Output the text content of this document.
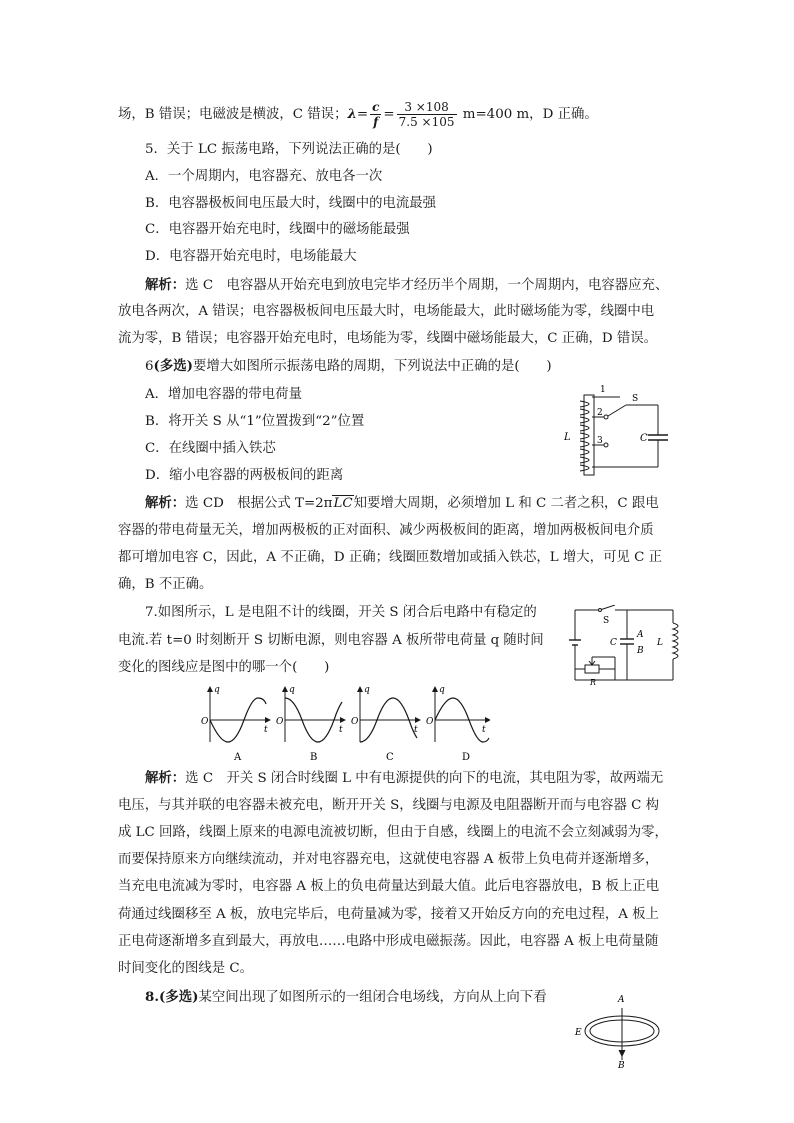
场，B 错误；电磁波是横波，C 错误；$\lambda= \frac{c}{f} = \frac{3 \times 108}{7.5 \times 105} m=400$ m，D 正确。
5．关于 LC 振荡电路，下列说法正确的是(　　)
A．一个周期内，电容器充、放电各一次
B．电容器极板间电压最大时，线圈中的电流最强
C．电容器开始充电时，线圈中的磁场能最强
D．电容器开始充电时，电场能最大
解析：选 C　电容器从开始充电到放电完毕才经历半个周期，一个周期内，电容器应充、
放电各两次，A 错误；电容器极板间电压最大时，电场能最大，此时磁场能为零，线圈中电
流为零，B 错误；电容器开始充电时，电场能为零，线圈中磁场能最大，C 正确，D 错误。
6(多选)要增大如图所示振荡电路的周期，下列说法中正确的是(　　)
A．增加电容器的带电荷量
B．将开关 S 从“1”位置拨到“2”位置
C．在线圈中插入铁芯
D．缩小电容器的两极板间的距离
1
2
3
S
L	C
解析：选 CD　根据公式 T=2πLC知要增大周期，必须增加 L 和 C 二者之积，C 跟电
容器的带电荷量无关，增加两极板的正对面积、减少两极板间的距离，增加两极板间电介质
都可增加电容 C，因此，A 不正确，D 正确；线圈匝数增加或插入铁芯，L 增大，可见 C 正
确，B 不正确。
7.如图所示，L 是电阻不计的线圈，开关 S 闭合后电路中有稳定的
电流.若 t=0 时刻断开 S 切断电源，则电容器 A 板所带电荷量 q 随时间
变化的图线应是图中的哪一个(　　)
S
A
B
C	L
R
q
t
O
q
t
O
q
t
O
q
t
O
A	B	C	D
解析：选 C　开关 S 闭合时线圈 L 中有电源提供的向下的电流，其电阻为零，故两端无
电压，与其并联的电容器未被充电，断开开关 S，线圈与电源及电阻器断开而与电容器 C 构
成 LC 回路，线圈上原来的电源电流被切断，但由于自感，线圈上的电流不会立刻减弱为零，
而要保持原来方向继续流动，并对电容器充电，这就使电容器 A 板带上负电荷并逐渐增多，
当充电电流减为零时，电容器 A 板上的负电荷量达到最大值。此后电容器放电，B 板上正电
荷通过线圈移至 A 板，放电完毕后，电荷量减为零，接着又开始反方向的充电过程，A 板上
正电荷逐渐增多直到最大，再放电……电路中形成电磁振荡。因此，电容器 A 板上电荷量随
时间变化的图线是 C。
8.(多选)某空间出现了如图所示的一组闭合电场线，方向从上向下看	A
E
B
